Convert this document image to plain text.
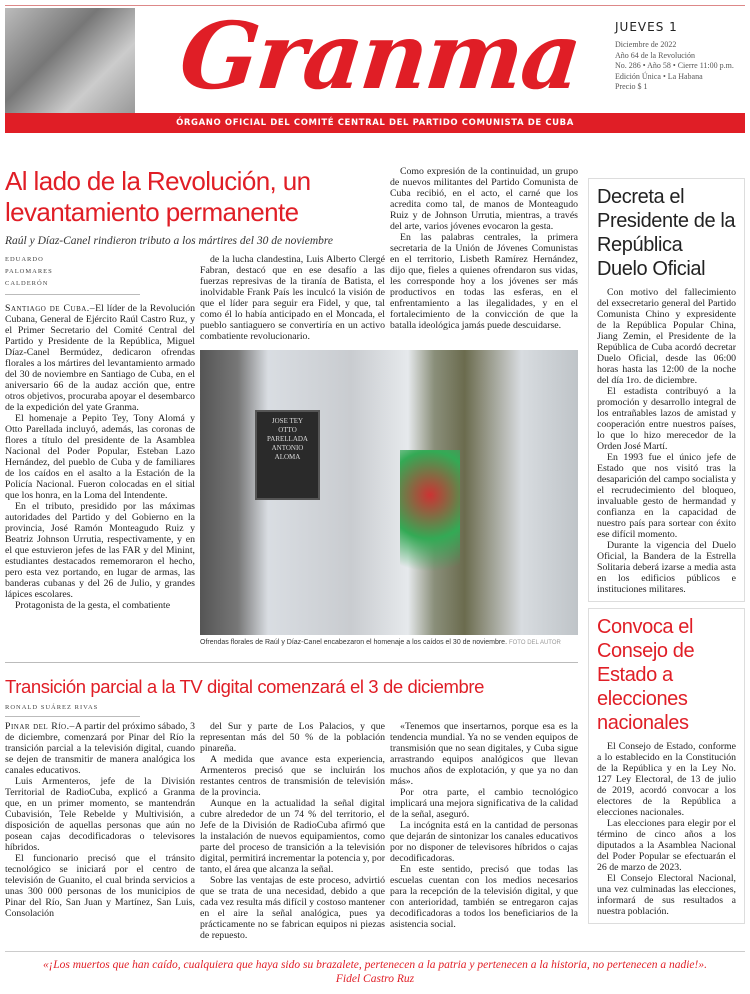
Granma	JUEVES 1
Diciembre de 2022
Año 64 de la Revolución
No. 286 • Año 58 • Cierre 11:00 p.m.
Edición Única • La Habana
Precio $ 1
ÓRGANO OFICIAL DEL COMITÉ CENTRAL DEL PARTIDO COMUNISTA DE CUBA
Al lado de la Revolución, un levantamiento permanente
Raúl y Díaz-Canel rindieron tributo a los mártires del 30 de noviembre

Como expresión de la continuidad, un grupo de nuevos militantes del Partido Comunista de Cuba recibió, en el acto, el carné que los acredita como tal, de manos de Monteagudo Ruiz y de Johnson Urrutia, mientras, a través del arte, varios jóvenes evocaron la gesta.

En las palabras centrales, la primera secretaria de la Unión de Jóvenes Comunistas en el territorio, Lisbeth Ramírez Hernández, dijo que, fieles a quienes ofrendaron sus vidas, les corresponde hoy a los jóvenes ser más productivos en todas las esferas, en el enfrentamiento a las ilegalidades, y en el fortalecimiento de la convicción de que la batalla ideológica jamás puede descuidarse.

EDUARDO PALOMARES CALDERÓN

Santiago de Cuba.–El líder de la Revolución Cubana, General de Ejército Raúl Castro Ruz, y el Primer Secretario del Comité Central del Partido y Presidente de la República, Miguel Díaz-Canel Bermúdez, dedicaron ofrendas florales a los mártires del levantamiento armado del 30 de noviembre en Santiago de Cuba, en el aniversario 66 de la audaz acción que, entre otros objetivos, procuraba apoyar el desembarco de la expedición del yate Granma.

El homenaje a Pepito Tey, Tony Alomá y Otto Parellada incluyó, además, las coronas de flores a título del presidente de la Asamblea Nacional del Poder Popular, Esteban Lazo Hernández, del pueblo de Cuba y de familiares de los caídos en el asalto a la Estación de la Policía Nacional. Fueron colocadas en el sitial que los honra, en la Loma del Intendente.

En el tributo, presidido por las máximas autoridades del Partido y del Gobierno en la provincia, José Ramón Monteagudo Ruiz y Beatriz Johnson Urrutia, respectivamente, y en el que estuvieron jefes de las FAR y del Minint, estudiantes destacados rememoraron el hecho, pero esta vez portando, en lugar de armas, las banderas cubanas y del 26 de Julio, y grandes lápices escolares.

Protagonista de la gesta, el combatiente

de la lucha clandestina, Luis Alberto Clergé Fabran, destacó que en ese desafío a las fuerzas represivas de la tiranía de Batista, el inolvidable Frank País les inculcó la visión de que el líder para seguir era Fidel, y que, tal como él lo había anticipado en el Moncada, el pueblo santiaguero se convertiría en un activo combatiente revolucionario.

JOSE TEY OTTO PARELLADA ANTONIO ALOMA
Ofrendas florales de Raúl y Díaz-Canel encabezaron el homenaje a los caídos el 30 de noviembre. FOTO DEL AUTOR
Transición parcial a la TV digital comenzará el 3 de diciembre
RONALD SUÁREZ RIVAS

Pinar del Río.–A partir del próximo sábado, 3 de diciembre, comenzará por Pinar del Río la transición parcial a la televisión digital, cuando se dejen de transmitir de manera analógica los canales educativos.

Luis Armenteros, jefe de la División Territorial de RadioCuba, explicó a Granma que, en un primer momento, se mantendrán Cubavisión, Tele Rebelde y Multivisión, a disposición de aquellas personas que aún no posean cajas decodificadoras o televisores híbridos.

El funcionario precisó que el tránsito tecnológico se iniciará por el centro de televisión de Guanito, el cual brinda servicios a unas 300 000 personas de los municipios de Pinar del Río, San Juan y Martínez, San Luis, Consolación

del Sur y parte de Los Palacios, y que representan más del 50 % de la población pinareña.

A medida que avance esta experiencia, Armenteros precisó que se incluirán los restantes centros de transmisión de televisión de la provincia.

Aunque en la actualidad la señal digital cubre alrededor de un 74 % del territorio, el Jefe de la División de RadioCuba afirmó que la instalación de nuevos equipamientos, como parte del proceso de transición a la televisión digital, permitirá incrementar la potencia y, por tanto, el área que alcanza la señal.

Sobre las ventajas de este proceso, advirtió que se trata de una necesidad, debido a que cada vez resulta más difícil y costoso mantener en el aire la señal analógica, pues ya prácticamente no se fabrican equipos ni piezas de repuesto.

«Tenemos que insertarnos, porque esa es la tendencia mundial. Ya no se venden equipos de transmisión que no sean digitales, y Cuba sigue arrastrando equipos analógicos que llevan muchos años de explotación, y que ya no dan más».

Por otra parte, el cambio tecnológico implicará una mejora significativa de la calidad de la señal, aseguró.

La incógnita está en la cantidad de personas que dejarán de sintonizar los canales educativos por no disponer de televisores híbridos o cajas decodificadoras.

En este sentido, precisó que todas las escuelas cuentan con los medios necesarios para la recepción de la televisión digital, y que con anterioridad, también se entregaron cajas decodificadoras a todos los beneficiarios de la asistencia social.

Decreta el Presidente de la República Duelo Oficial

Con motivo del fallecimiento del exsecretario general del Partido Comunista Chino y expresidente de la República Popular China, Jiang Zemin, el Presidente de la República de Cuba acordó decretar Duelo Oficial, desde las 06:00 horas hasta las 12:00 de la noche del día 1ro. de diciembre.

El estadista contribuyó a la promoción y desarrollo integral de los entrañables lazos de amistad y cooperación entre nuestros países, lo que lo hizo merecedor de la Orden José Martí.

En 1993 fue el único jefe de Estado que nos visitó tras la desaparición del campo socialista y el recrudecimiento del bloqueo, invaluable gesto de hermandad y confianza en la capacidad de nuestro país para sortear con éxito ese difícil momento.

Durante la vigencia del Duelo Oficial, la Bandera de la Estrella Solitaria deberá izarse a media asta en los edificios públicos e instituciones militares.

Convoca el Consejo de Estado a elecciones nacionales

El Consejo de Estado, conforme a lo establecido en la Constitución de la República y en la Ley No. 127 Ley Electoral, de 13 de julio de 2019, acordó convocar a los electores de la República a elecciones nacionales.

Las elecciones para elegir por el término de cinco años a los diputados a la Asamblea Nacional del Poder Popular se efectuarán el 26 de marzo de 2023.

El Consejo Electoral Nacional, una vez culminadas las elecciones, informará de sus resultados a nuestra población.

«¡Los muertos que han caído, cualquiera que haya sido su brazalete, pertenecen a la patria y pertenecen a la historia, no pertenecen a nadie!». Fidel Castro Ruz
